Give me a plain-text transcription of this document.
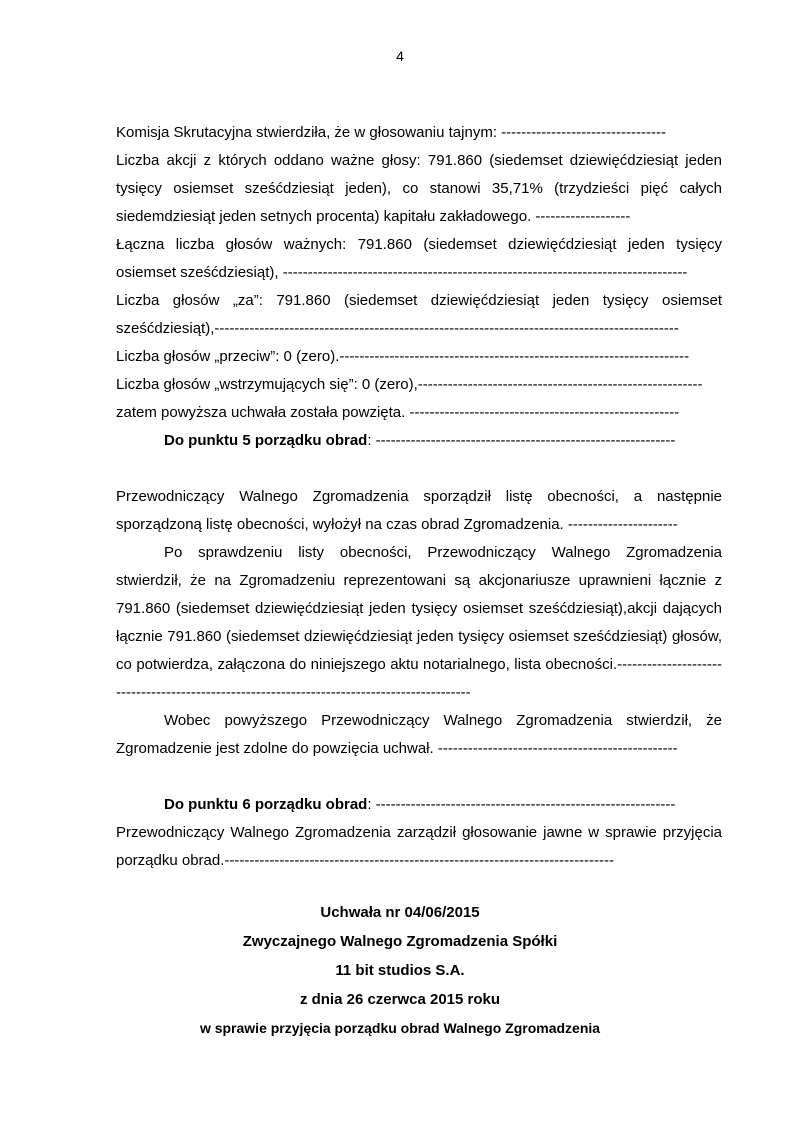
4

Komisja Skrutacyjna stwierdziła, że w głosowaniu tajnym: ---------------------------------

Liczba akcji z których oddano ważne głosy: 791.860 (siedemset dziewięćdziesiąt jeden tysięcy osiemset sześćdziesiąt jeden), co stanowi 35,71% (trzydzieści pięć całych siedemdziesiąt jeden setnych procenta) kapitału zakładowego. -------------------

Łączna liczba głosów ważnych: 791.860 (siedemset dziewięćdziesiąt jeden tysięcy osiemset sześćdziesiąt), ---------------------------------------------------------------------------------

Liczba głosów „za”: 791.860 (siedemset dziewięćdziesiąt jeden tysięcy osiemset sześćdziesiąt),---------------------------------------------------------------------------------------------

Liczba głosów „przeciw”: 0 (zero).----------------------------------------------------------------------

Liczba głosów „wstrzymujących się”: 0 (zero),---------------------------------------------------------

zatem powyższa uchwała została powzięta. ------------------------------------------------------

Do punktu 5 porządku obrad: ------------------------------------------------------------

Przewodniczący Walnego Zgromadzenia sporządził listę obecności, a następnie sporządzoną listę obecności, wyłożył na czas obrad Zgromadzenia. ----------------------

Po sprawdzeniu listy obecności, Przewodniczący Walnego Zgromadzenia stwierdził, że na Zgromadzeniu reprezentowani są akcjonariusze uprawnieni łącznie z 791.860 (siedemset dziewięćdziesiąt jeden tysięcy osiemset sześćdziesiąt),akcji dających łącznie 791.860 (siedemset dziewięćdziesiąt jeden tysięcy osiemset sześćdziesiąt) głosów, co potwierdza, załączona do niniejszego aktu notarialnego, lista obecności.--------------------------------------------------------------------------------------------

Wobec powyższego Przewodniczący Walnego Zgromadzenia stwierdził, że Zgromadzenie jest zdolne do powzięcia uchwał. ------------------------------------------------

Do punktu 6 porządku obrad: ------------------------------------------------------------

Przewodniczący Walnego Zgromadzenia zarządził głosowanie jawne w sprawie przyjęcia porządku obrad.------------------------------------------------------------------------------

Uchwała nr 04/06/2015
Zwyczajnego Walnego Zgromadzenia Spółki
11 bit studios S.A.
z dnia 26 czerwca 2015 roku
w sprawie przyjęcia porządku obrad Walnego Zgromadzenia
